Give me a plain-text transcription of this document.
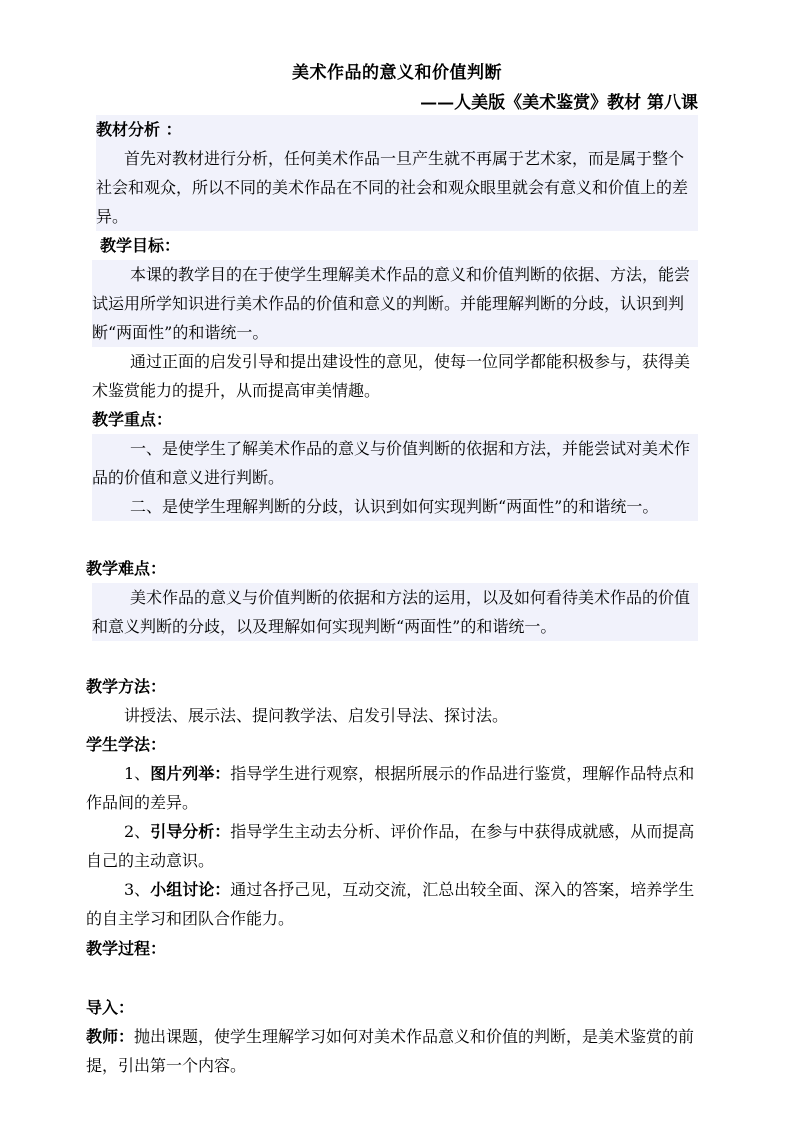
美术作品的意义和价值判断
——人美版《美术鉴赏》教材 第八课

教材分析 ：

首先对教材进行分析，任何美术作品一旦产生就不再属于艺术家，而是属于整个社会和观众，所以不同的美术作品在不同的社会和观众眼里就会有意义和价值上的差异。

教学目标：

本课的教学目的在于使学生理解美术作品的意义和价值判断的依据、方法，能尝试运用所学知识进行美术作品的价值和意义的判断。并能理解判断的分歧，认识到判断“两面性”的和谐统一。

通过正面的启发引导和提出建设性的意见，使每一位同学都能积极参与，获得美术鉴赏能力的提升，从而提高审美情趣。

教学重点：

一、是使学生了解美术作品的意义与价值判断的依据和方法，并能尝试对美术作品的价值和意义进行判断。

二、是使学生理解判断的分歧，认识到如何实现判断“两面性”的和谐统一。

教学难点：

美术作品的意义与价值判断的依据和方法的运用，以及如何看待美术作品的价值和意义判断的分歧，以及理解如何实现判断“两面性”的和谐统一。

教学方法：

讲授法、展示法、提问教学法、启发引导法、探讨法。

学生学法：

1、图片列举：指导学生进行观察，根据所展示的作品进行鉴赏，理解作品特点和作品间的差异。

2、引导分析：指导学生主动去分析、评价作品，在参与中获得成就感，从而提高自己的主动意识。

3、小组讨论：通过各抒己见，互动交流，汇总出较全面、深入的答案，培养学生的自主学习和团队合作能力。

教学过程：

导入：

教师：抛出课题，使学生理解学习如何对美术作品意义和价值的判断，是美术鉴赏的前提，引出第一个内容。
